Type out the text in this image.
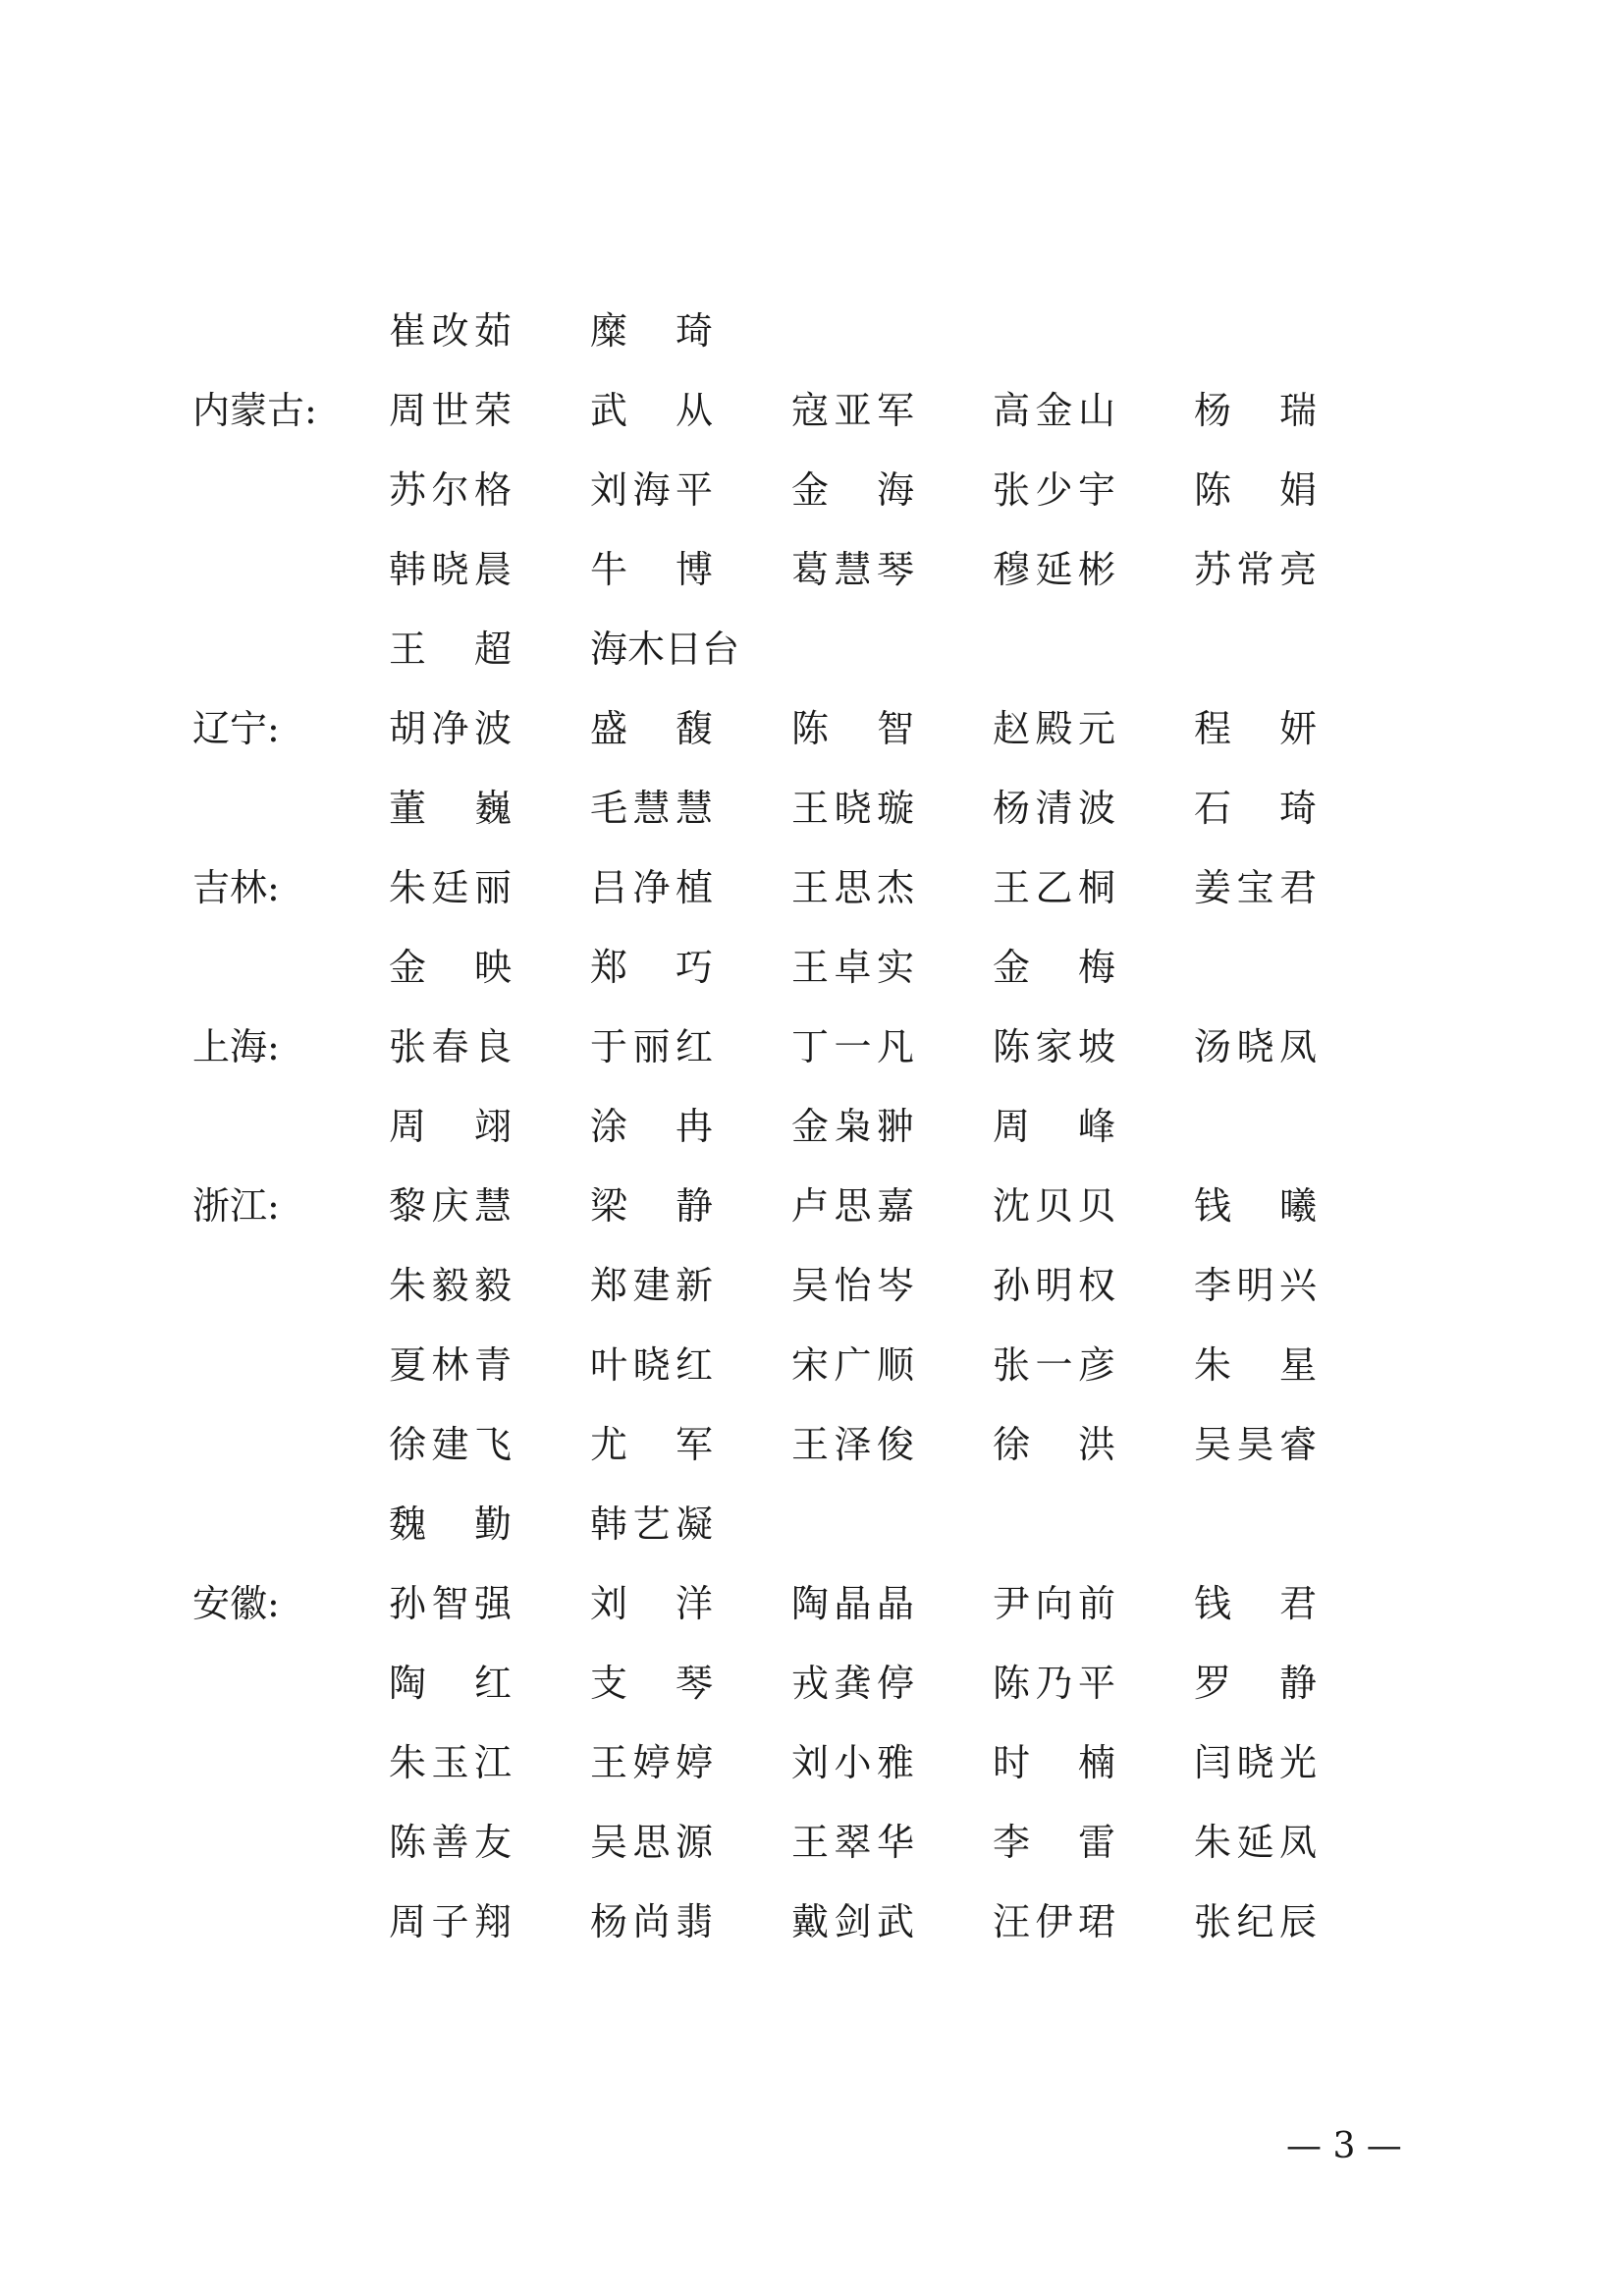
崔改茹 糜琦
内蒙古: 周世荣 武从 寇亚军 高金山 杨瑞
苏尔格 刘海平 金海 张少宇 陈娟
韩晓晨 牛博 葛慧琴 穆延彬 苏常亮
王超 海木日台
辽宁:	胡净波 盛馥 陈智 赵殿元 程妍
董巍 毛慧慧 王晓璇 杨清波 石琦
吉林:	朱廷丽 吕净植 王思杰 王乙桐 姜宝君
金映 郑巧 王卓实 金梅
上海:	张春良 于丽红 丁一凡 陈家坡 汤晓凤
周翊 涂冉 金枭翀 周峰
浙江:	黎庆慧 梁静 卢思嘉 沈贝贝 钱曦
朱毅毅 郑建新 吴怡岑 孙明权 李明兴
夏林青 叶晓红 宋广顺 张一彦 朱星
徐建飞 尤军 王泽俊 徐洪 吴昊睿
魏勤 韩艺凝
安徽:	孙智强 刘洋 陶晶晶 尹向前 钱君
陶红 支琴 戎龚停 陈乃平 罗静
朱玉江 王婷婷 刘小雅 时楠 闫晓光
陈善友 吴思源 王翠华 李雷 朱延凤
周子翔 杨尚翡 戴剑武 汪伊珺 张纪辰
— 3 —
